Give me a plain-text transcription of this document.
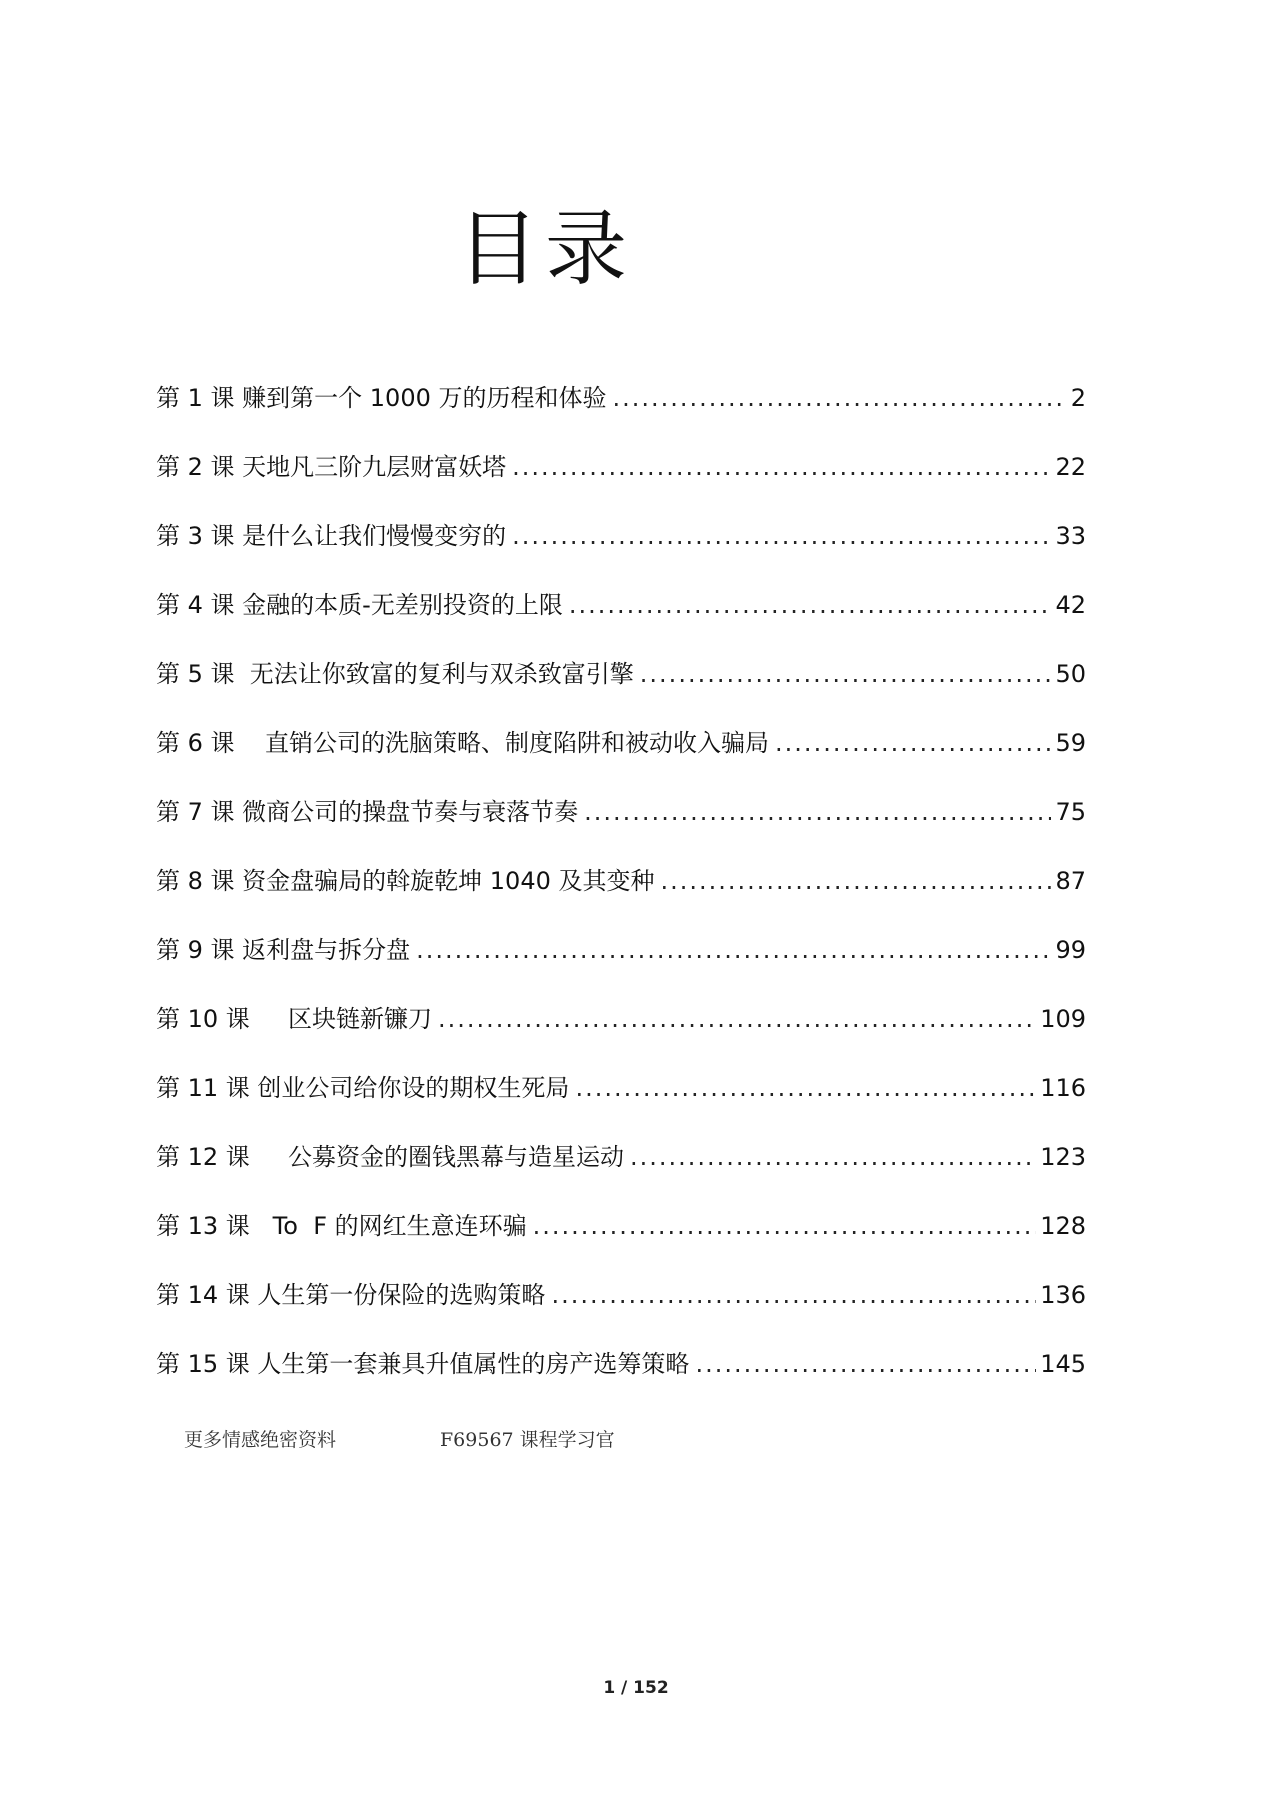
目录
第 1 课 赚到第一个 1000 万的历程和体验 .....	2
第 2 课 天地凡三阶九层财富妖塔 .....	22
第 3 课 是什么让我们慢慢变穷的 .....	33
第 4 课 金融的本质-无差别投资的上限 .....	42
第 5 课  无法让你致富的复利与双杀致富引擎 .....	50
第 6 课    直销公司的洗脑策略、制度陷阱和被动收入骗局 .....	59
第 7 课 微商公司的操盘节奏与衰落节奏 .....	75
第 8 课 资金盘骗局的斡旋乾坤 1040 及其变种 .....	87
第 9 课 返利盘与拆分盘 .....	99
第 10 课     区块链新镰刀 .....	109
第 11 课 创业公司给你设的期权生死局 .....	116
第 12 课     公募资金的圈钱黑幕与造星运动 .....	123
第 13 课   To  F 的网红生意连环骗 .....	128
第 14 课 人生第一份保险的选购策略 .....	136
第 15 课 人生第一套兼具升值属性的房产选筹策略 .....	145
更多情感绝密资料	F69567 课程学习官
1 / 152
